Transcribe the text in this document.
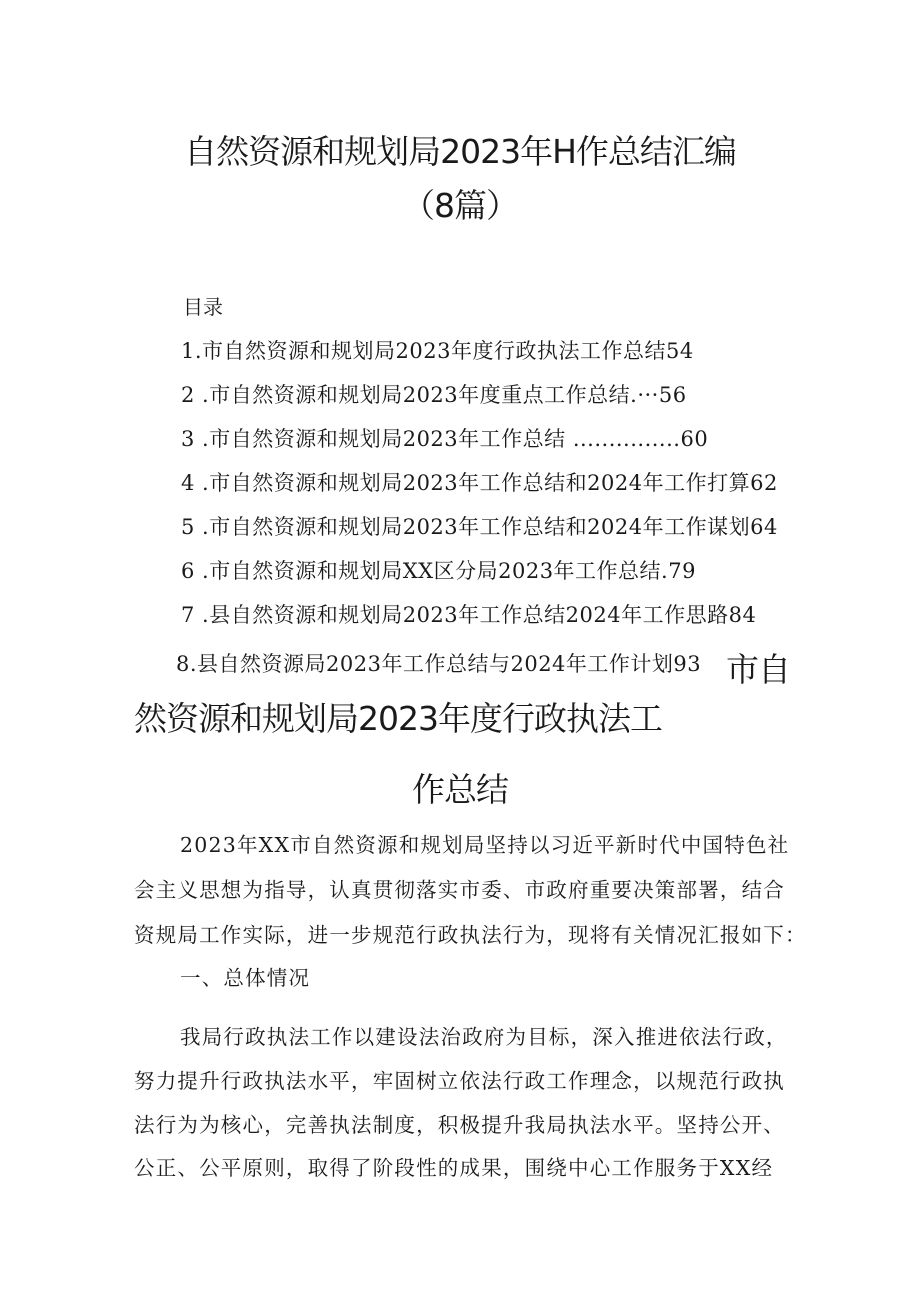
自然资源和规划局2023年H作总结汇编
（8篇）
目录
1.市自然资源和规划局2023年度行政执法工作总结54
2 .市自然资源和规划局2023年度重点工作总结.···56
3 .市自然资源和规划局2023年工作总结 ...............60
4 .市自然资源和规划局2023年工作总结和2024年工作打算62
5 .市自然资源和规划局2023年工作总结和2024年工作谋划64
6 .市自然资源和规划局XX区分局2023年工作总结.79
7 .县自然资源和规划局2023年工作总结2024年工作思路84
8.县自然资源局2023年工作总结与2024年工作计划93 市自
然资源和规划局2023年度行政执法工
作总结
2023年XX市自然资源和规划局坚持以习近平新时代中国特色社
会主义思想为指导，认真贯彻落实市委、市政府重要决策部署，结合
资规局工作实际，进一步规范行政执法行为，现将有关情况汇报如下：
一、总体情况
我局行政执法工作以建设法治政府为目标，深入推进依法行政，
努力提升行政执法水平，牢固树立依法行政工作理念，以规范行政执
法行为为核心，完善执法制度，积极提升我局执法水平。坚持公开、
公正、公平原则，取得了阶段性的成果，围绕中心工作服务于XX经
